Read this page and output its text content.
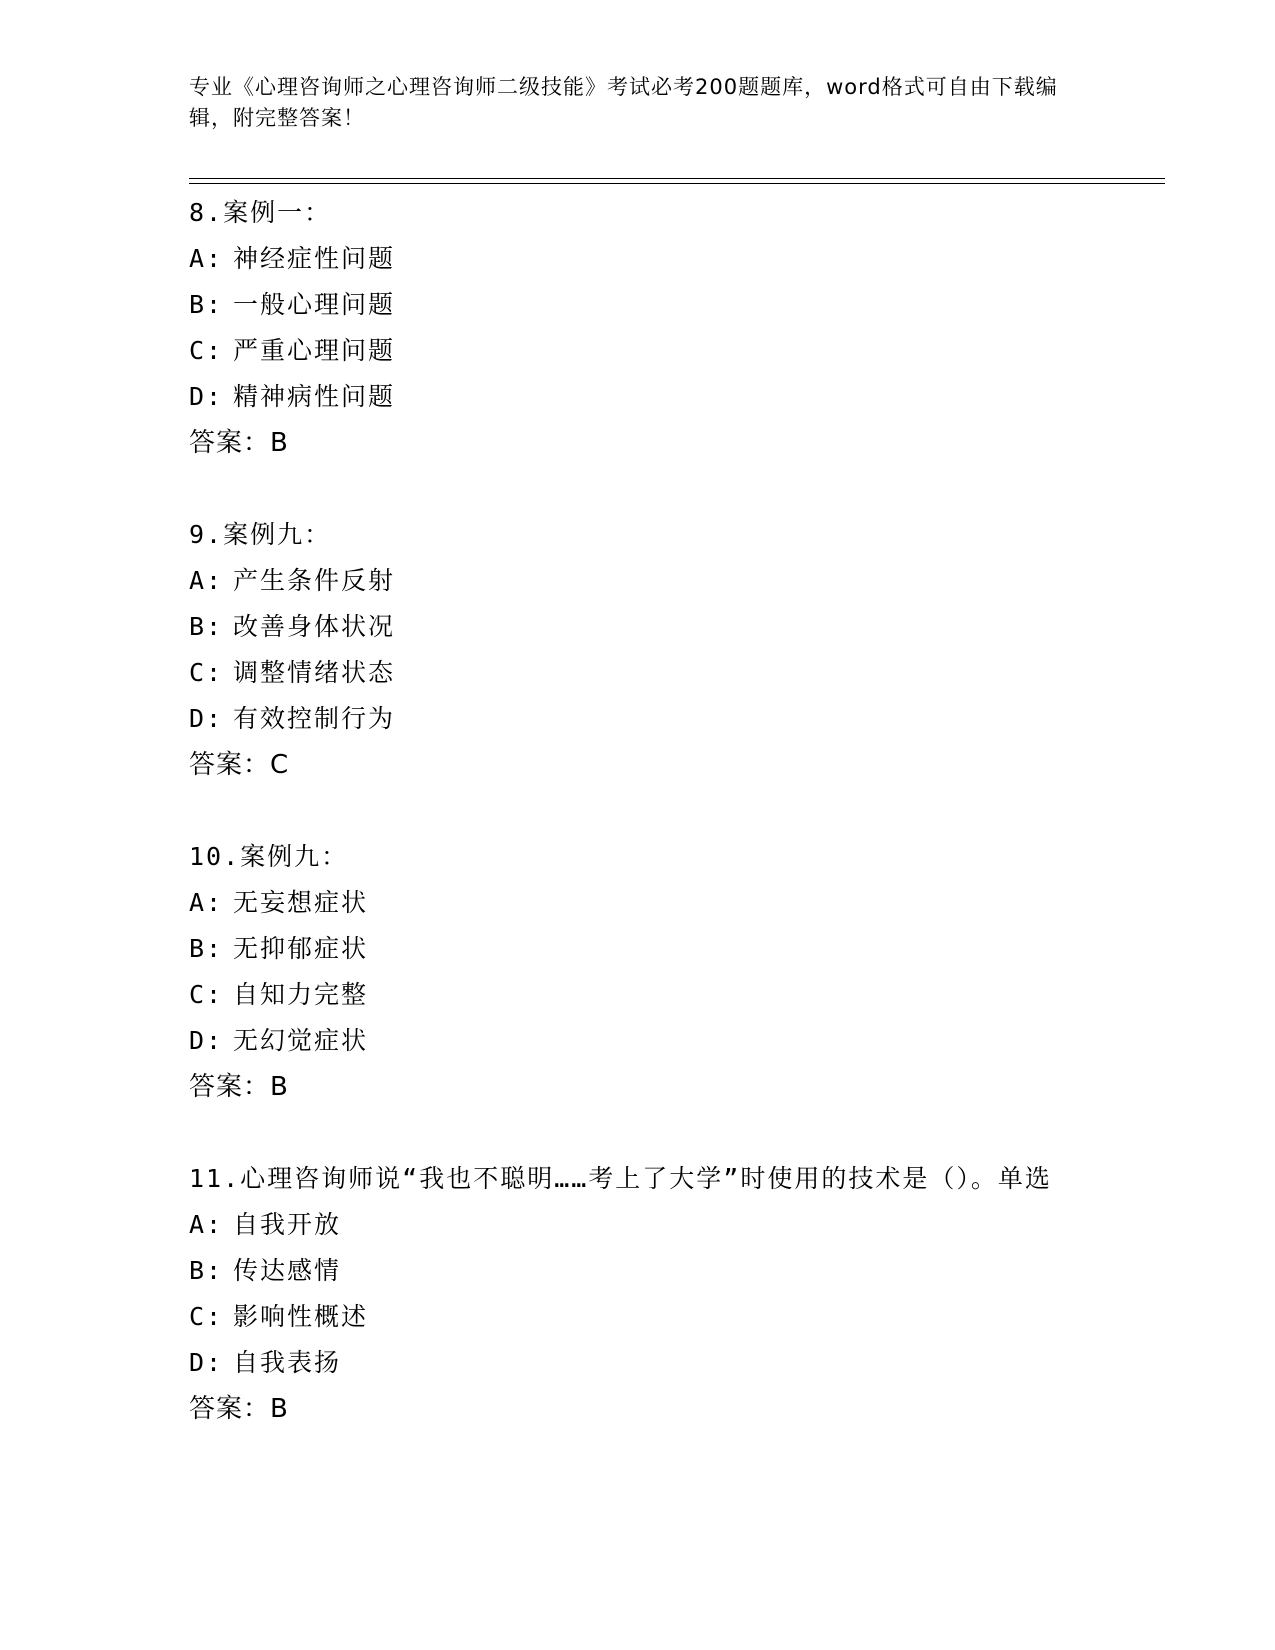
专业《心理咨询师之心理咨询师二级技能》考试必考200题题库，word格式可自由下载编辑，附完整答案！
8.案例一：
A: 神经症性问题
B: 一般心理问题
C: 严重心理问题
D: 精神病性问题
答案：B
9.案例九：
A: 产生条件反射
B: 改善身体状况
C: 调整情绪状态
D: 有效控制行为
答案：C
10.案例九：
A: 无妄想症状
B: 无抑郁症状
C: 自知力完整
D: 无幻觉症状
答案：B
11.心理咨询师说“我也不聪明……考上了大学”时使用的技术是（）。单选
A: 自我开放
B: 传达感情
C: 影响性概述
D: 自我表扬
答案：B
